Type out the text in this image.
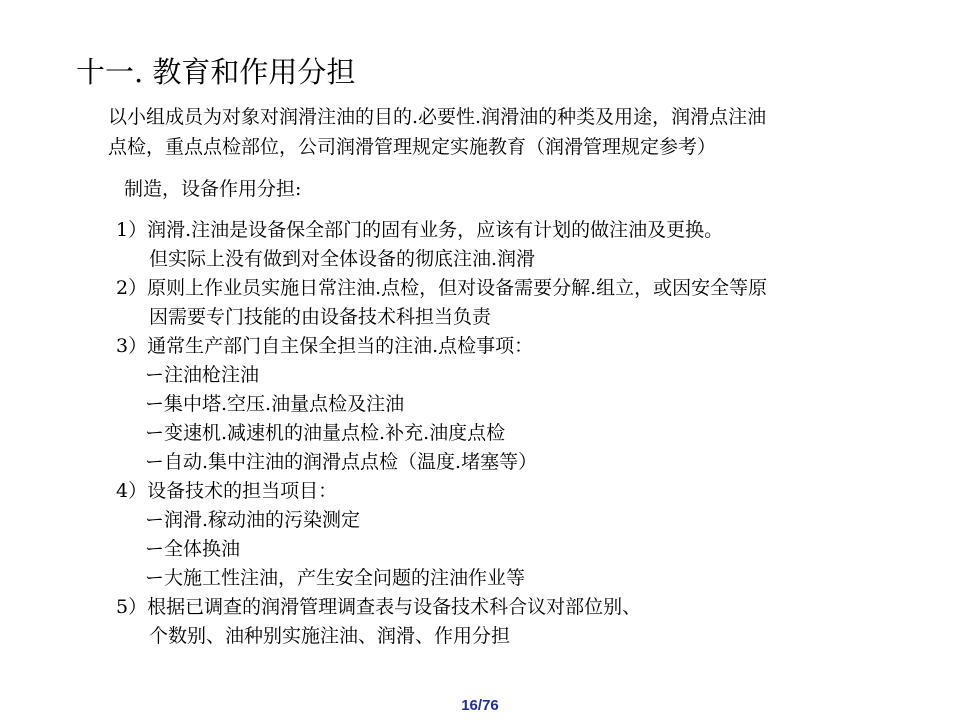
十一. 教育和作用分担
以小组成员为对象对润滑注油的目的.必要性.润滑油的种类及用途，润滑点注油
点检，重点点检部位，公司润滑管理规定实施教育（润滑管理规定参考）
制造，设备作用分担:
1）润滑.注油是设备保全部门的固有业务，应该有计划的做注油及更换。
但实际上没有做到对全体设备的彻底注油.润滑
2）原则上作业员实施日常注油.点检，但对设备需要分解.组立，或因安全等原
因需要专门技能的由设备技术科担当负责
3）通常生产部门自主保全担当的注油.点检事项：
ー注油枪注油
ー集中塔.空压.油量点检及注油
ー变速机.减速机的油量点检.补充.油度点检
ー自动.集中注油的润滑点点检（温度.堵塞等）
4）设备技术的担当项目：
ー润滑.稼动油的污染测定
ー全体换油
ー大施工性注油，产生安全问题的注油作业等
5）根据已调查的润滑管理调查表与设备技术科合议对部位别、
个数别、油种别实施注油、润滑、作用分担
16/76
